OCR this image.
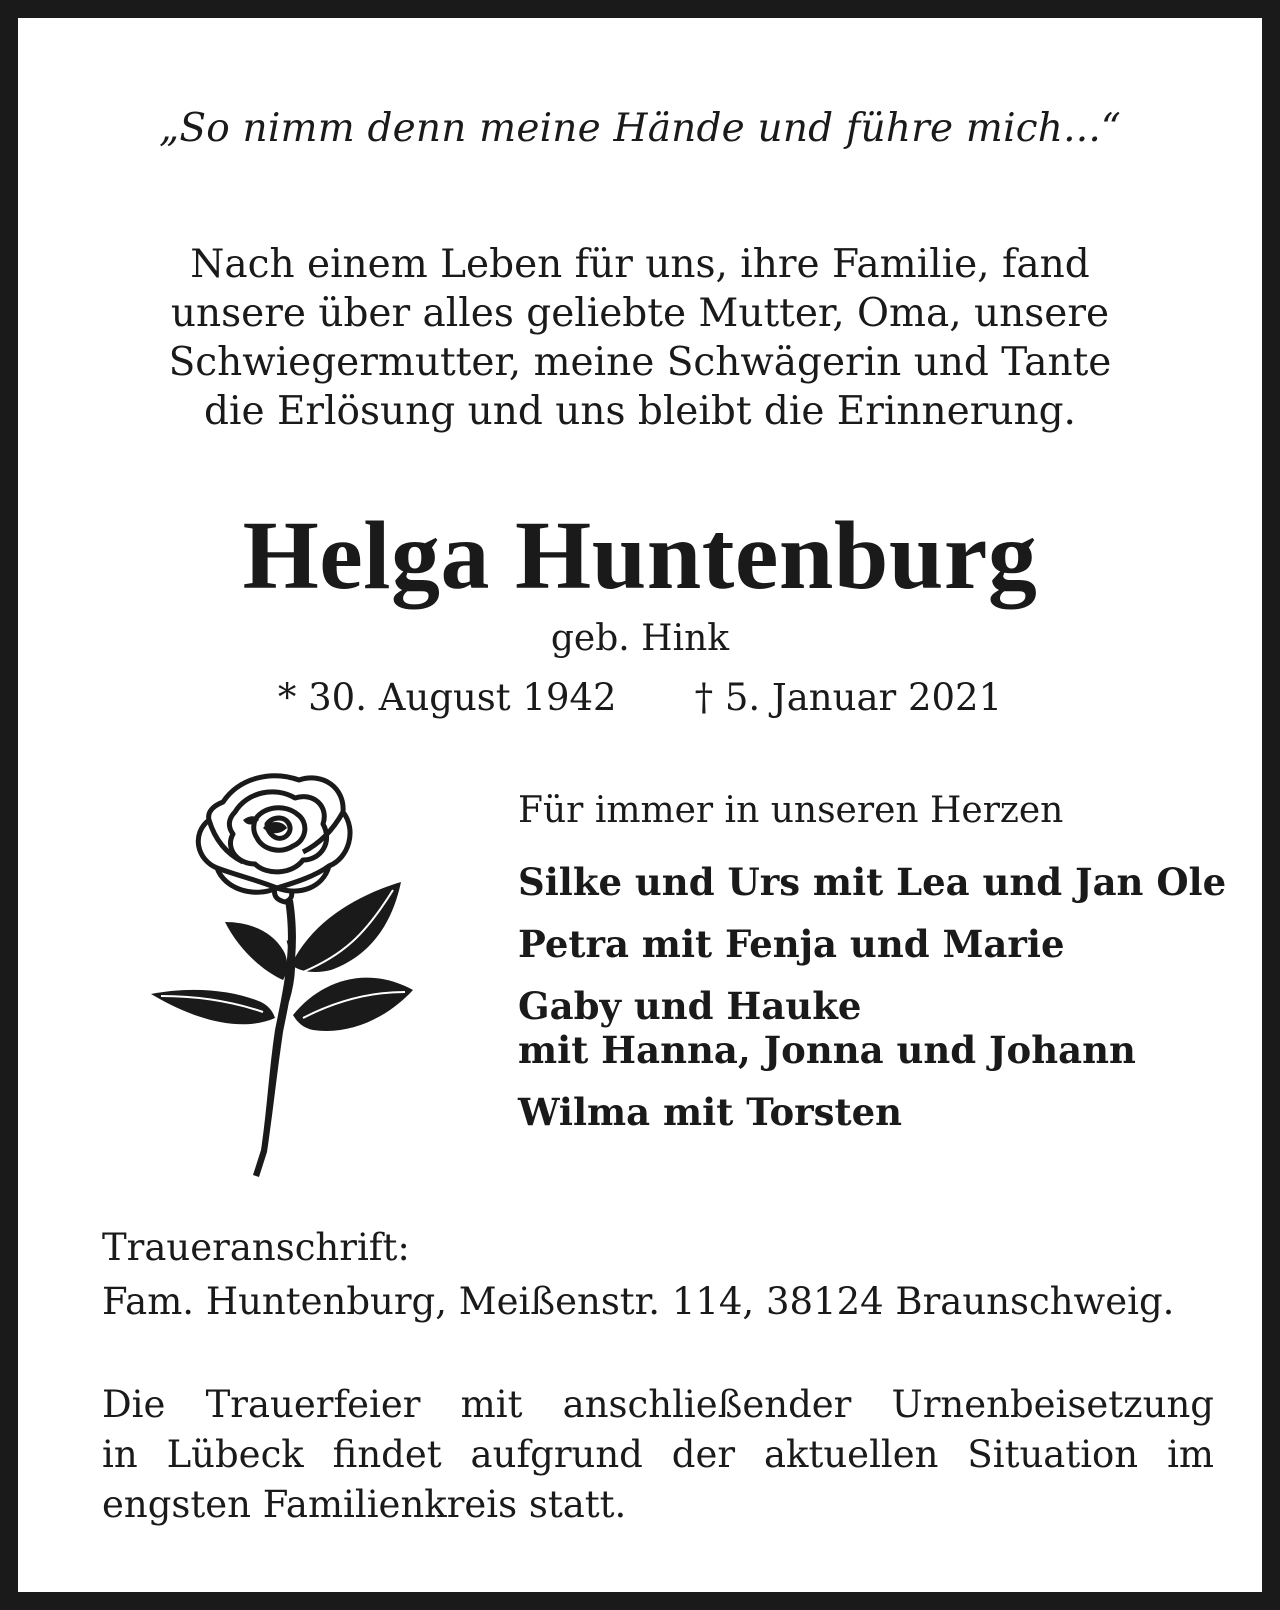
„So nimm denn meine Hände und führe mich...“
Nach einem Leben für uns, ihre Familie, fand
unsere über alles geliebte Mutter, Oma, unsere
Schwiegermutter, meine Schwägerin und Tante
die Erlösung und uns bleibt die Erinnerung.
Helga Huntenburg
geb. Hink
* 30. August 1942 † 5. Januar 2021
Für immer in unseren Herzen
Silke und Urs mit Lea und Jan Ole
Petra mit Fenja und Marie
Gaby und Hauke
mit Hanna, Jonna und Johann
Wilma mit Torsten
Traueranschrift:
Fam. Huntenburg, Meißenstr. 114, 38124 Braunschweig.
Die Trauerfeier mit anschließender Urnenbeisetzung
in Lübeck findet aufgrund der aktuellen Situation im
engsten Familienkreis statt.
